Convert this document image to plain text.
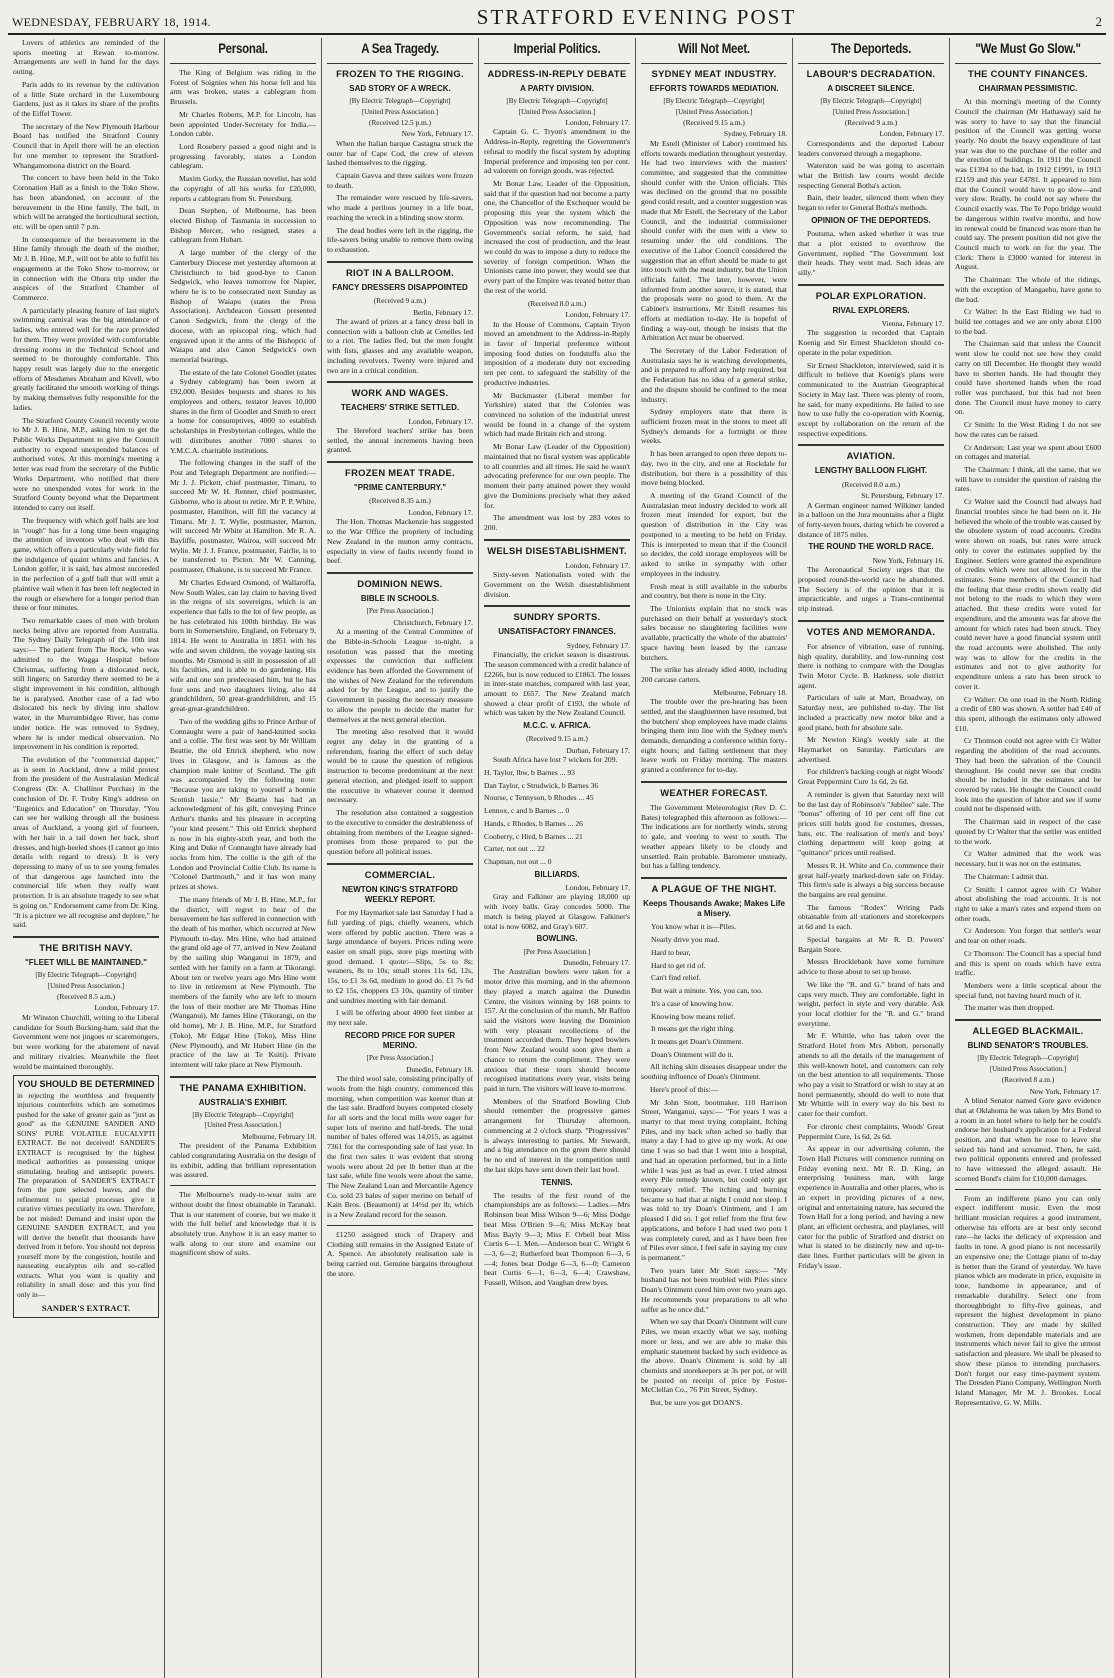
WEDNESDAY, FEBRUARY 18, 1914.	STRATFORD EVENING POST	2

Lovers of athletics are reminded of the sports meeting at Rewan to-morrow. Arrangements are well in hand for the days outing.

Paris adds to its revenue by the cultivation of a little State orchard in the Luxembourg Gardens, just as it takes its share of the profits of the Eiffel Tower.

The secretary of the New Plymouth Harbour Board has notified the Stratford County Council that in April there will be an election for one member to represent the Stratford-Whangamomona district on the Board.

The concert to have been held in the Toko Coronation Hall as a finish to the Toko Show, has been abandoned, on account of the bereavement in the Hine family. The ball, in which will be arranged the horticultural section, etc. will be open until 7 p.m.

In consequence of the bereavement in the Hine family through the death of the mother, Mr J. B. Hine, M.P., will not be able to fulfil his engagements at the Toko Show to-morrow, or in connection with the Ohura trip under the auspices of the Stratford Chamber of Commerce.

A particularly pleasing feature of last night's swimming carnival was the big attendance of ladies, who entered well for the race provided for them. They were provided with comfortable dressing rooms in the Technical School and seemed to be thoroughly comfortable. This happy result was largely due to the energetic efforts of Mesdames Abraham and Kivell, who greatly facilitated the smooth working of things by making themselves fully responsible for the ladies.

The Stratford County Council recently wrote to Mr J. B. Hine, M.P., asking him to get the Public Works Department to give the Council authority to expend unexpended balances of authorised votes. At this morning's meeting a letter was read from the secretary of the Public Works Department, who notified that there were no unexpended votes for work in the Stratford County beyond what the Department intended to carry out itself.

The frequency with which golf balls are lost in "rough" has for a long time been engaging the attention of inventors who deal with this game, which offers a particularly wide field for the indulgence of quaint whims and fancies. A London golfer, it is said, has almost succeeded in the perfection of a golf ball that will emit a plaintive wail when it has been left neglected in the rough or elsewhere for a longer period than three or four minutes.

Two remarkable cases of men with broken necks being alive are reported from Australia. The Sydney Daily Telegraph of the 10th inst says:— The patient from The Rock, who was admitted to the Wagga Hospital before Christmas, suffering from a dislocated neck, still lingers; on Saturday there seemed to be a slight improvement in his condition, although he is paralysed. Another case of a lad who dislocated his neck by diving into shallow water, in the Murrumbidgee River, has come under notice. He was removed to Sydney, where he is under medical observation. No improvement in his condition is reported.

The evolution of the "commercial dapper," as is seen in Auckland, drew a mild protest from the president of the Australasian Medical Congress (Dr. A. Challinor Purchas) in the conclusion of Dr. F. Truby King's address on "Eugenics and Education" on Thursday. "You can see her walking through all the business areas of Auckland, a young girl of fourteen, with her hair in a tail down her back, short dresses, and high-heeled shoes (I cannot go into details with regard to dress). It is very depressing to many of us to see young females of that dangerous age launched into the commercial life when they really want protection. It is an absolute tragedy to see what is going on." Endorsement came from Dr. King. "It is a picture we all recognise and deplore," he said.

THE BRITISH NAVY.
"FLEET WILL BE MAINTAINED."
[By Electric Telegraph—Copyright]
[United Press Association.]
(Received 8.5 a.m.)
London, February 17.

Mr Winston Churchill, writing to the Liberal candidate for South Bucking-ham, said that the Government were not jingoes or scaremongers, but were working for the abatement of naval and military rivalries. Meanwhile the fleet would be maintained thoroughly.

YOU SHOULD BE DETERMINED
in rejecting the worthless and frequently injurious counterfeits which are sometimes pushed for the sake of greater gain as "just as good" as the GENUINE SANDER AND SONS' PURE VOLATILE EUCALYPTI EXTRACT. Be not deceived! SANDER'S EXTRACT is recognised by the highest medical authorities as possessing unique stimulating, healing and antiseptic powers. The preparation of SANDER'S EXTRACT from the pure selected leaves, and the refinement to special processes give it curative virtues peculiarly its own. Therefore, be not misled! Demand and insist upon the GENUINE SANDER EXTRACT, and you will derive the benefit that thousands have derived from it before. You should not depress yourself more by the congestion, hostile and nauseating eucalyptus oils and so-called extracts. What you want is quality and reliability in small dose: and this you find only in—
SANDER'S EXTRACT.
Personal.

The King of Belgium was riding in the Forest of Soignies when his horse fell and his arm was broken, states a cablegram from Brussels.

Mr Charles Roberts, M.P. for Lincoln, has been appointed Under-Secretary for India.—London cable.

Lord Rosebery passed a good night and is progressing favorably, states a London cablegram.

Maxim Gorky, the Russian novelist, has sold the copyright of all his works for £20,000, reports a cablegram from St. Petersburg.

Dean Stephen, of Melbourne, has been elected Bishop of Tasmania in succession to Bishop Mercer, who resigned, states a cablegram from Hobart.

A large number of the clergy of the Canterbury Diocese met yesterday afternoon at Christchurch to bid good-bye to Canon Sedgwick, who leaves tomorrow for Napier, where he is to be consecrated next Sunday as Bishop of Waiapu (states the Press Association). Archdeacon Gossett presented Canon Sedgwick, from the clergy of the diocese, with an episcopal ring, which had engraved upon it the arms of the Bishopric of Waiapu and also Canon Sedgwick's own memorial bearings.

The estate of the late Colonel Goodlet (states a Sydney cablegram) has been sworn at £92,000. Besides bequests and shares to his employees and others, testator leaves 10,000 shares in the firm of Goodlet and Smith to erect a home for consumptives, 4000 to establish scholarships in Presbyterian colleges, while the will distributes another 7000 shares to Y.M.C.A. charitable institutions.

The following changes in the staff of the Post and Telegraph Department are notified:—Mr J. J. Pickett, chief postmaster, Timaru, to succeed Mr W. H. Renner, chief postmaster, Gisborne, who is about to retire. Mr P. P. White, postmaster, Hamilton, will fill the vacancy at Timaru. Mr J. T. Wylie, postmaster, Marton, will succeed Mr White at Hamilton. Mr R. A. Bayliffe, postmaster, Wairoa, will succeed Mr Wylie. Mr J. J. France, postmaster, Fairlie, is to be transferred to Picton. Mr W. Canning, postmaster, Ohakune, is to succeed Mr France.

Mr Charles Edward Osmond, of Wallaroffa, New South Wales, can lay claim to having lived in the reigns of six sovereigns, which is an experience that falls to the lot of few people, as he has celebrated his 100th birthday. He was born in Somersetshire, England, on February 9, 1814. He went to Australia in 1851 with his wife and seven children, the voyage lasting six months. Mr Osmond is still in possession of all his faculties, and is able to do gardening. His wife and one son predeceased him, but he has four sons and two daughters living, also 44 grandchildren, 50 great-grandchildren, and 15 great-great-grandchildren.

Two of the wedding gifts to Prince Arthur of Connaught were a pair of hand-knitted socks and a collie. The first was sent by Mr William Beattie, the old Ettrick shepherd, who now lives in Glasgow, and is famous as the champion male knitter of Scotland. The gift was accompanied by the following note: "Because you are taking to yourself a bonnie Scottish lassie." Mr Beattie has had an acknowledgment of his gift, conveying Prince Arthur's thanks and his pleasure in accepting "your kind present." This old Ettrick shepherd is now in his eighty-sixth year, and both the King and Duke of Connaught have already had socks from him. The collie is the gift of the London and Provincial Collie Club. Its name is "Colonel Dartmouth," and it has won many prizes at shows.

The many friends of Mr J. B. Hine, M.P., for the district, will regret to hear of the bereavement he has suffered in connection with the death of his mother, which occurred at New Plymouth to-day. Mrs Hine, who had attained the grand old age of 77, arrived in New Zealand by the sailing ship Wanganui in 1879, and settled with her family on a farm at Tikorangi. About ten or twelve years ago Mrs Hine went to live in retirement at New Plymouth. The members of the family who are left to mourn the loss of their mother are Mr Thomas Hine (Wanganui), Mr James Hine (Tikorangi, on the old home), Mr J. B. Hine, M.P., for Stratford (Toko), Mr Edgar Hine (Toko), Miss Hine (New Plymouth), and Mr Hubert Hine (in the practice of the law at Te Kuiti). Private interment will take place at New Plymouth.

THE PANAMA EXHIBITION.
AUSTRALIA'S EXHIBIT.
[By Electric Telegraph—Copyright]
[United Press Association.]
Melbourne, February 18.

The president of the Panama Exhibition cabled congratulating Australia on the design of its exhibit, adding that brilliant representation was assured.

The Melbourne's ready-to-wear suits are without doubt the finest obtainable in Taranaki. That is our statement of course, but we make it with the full belief and knowledge that it is absolutely true. Anyhow it is an easy matter to walk along to our store and examine our magnificent show of suits.

A Sea Tragedy.
FROZEN TO THE RIGGING.
SAD STORY OF A WRECK.
[By Electric Telegraph—Copyright]
[United Press Association.]
(Received 12.5 p.m.)
New York, February 17.

When the Italian barque Castagna struck the outer bar of Cape Cod, the crew of eleven lashed themselves to the rigging.

Captain Gavva and three sailors were frozen to death.

The remainder were rescued by life-savers, who made a perilous journey in a life boat, reaching the wreck in a blinding snow storm.

The dead bodies were left in the rigging, the life-savers being unable to remove them owing to exhaustion.

RIOT IN A BALLROOM.
FANCY DRESSERS DISAPPOINTED
(Received 9 a.m.)
Berlin, February 17.

The award of prizes at a fancy dress ball in connection with a balloon club at Cenelles led to a riot. The ladies fled, but the men fought with fists, glasses and any available weapon, including revolvers. Twenty were injured and two are in a critical condition.

WORK AND WAGES.
TEACHERS' STRIKE SETTLED.
London, February 17.

The Hereford teachers' strike has been settled, the annual increments having been granted.

FROZEN MEAT TRADE.
"PRIME CANTERBURY."
(Received 8.35 a.m.)
London, February 17.

The Hon. Thomas Mackenzie has suggested to the War Office the propriety of including New Zealand in the mutton army contracts, especially in view of faults recently found in beef.

DOMINION NEWS.
BIBLE IN SCHOOLS.
[Per Press Association.]
Christchurch, February 17.

At a meeting of the Central Committee of the Bible-in-Schools League to-night, a resolution was passed that the meeting expresses the conviction that sufficient evidence has been afforded the Government of the wishes of New Zealand for the referendum asked for by the League, and to justify the Government in passing the necessary measure to allow the people to decide the matter for themselves at the next general election.

The meeting also resolved that it would regret any delay in the granting of a referendum, fearing the effect of such delay would be to cause the question of religious instruction to become predominant at the next general election, and pledged itself to support the executive in whatever course it deemed necessary.

The resolution also contained a suggestion to the executive to consider the desirableness of obtaining from members of the League signed-promises from those prepared to put the question before all political issues.

COMMERCIAL.
NEWTON KING'S STRATFORD WEEKLY REPORT.

For my Haymarket sale last Saturday I had a full yarding of pigs, chiefly weaners, which were offered by public auction. There was a large attendance of buyers. Prices ruling were easier on small pigs, store pigs meeting with good demand. I quote:—Slips, 5s to 8s; weaners, 8s to 10s; small stores 11s 6d, 12s, 15s, to £1 3s 6d, medium to good do. £1 7s 6d to £2 15s, choppers £3 10s, quantity of timber and sundries meeting with fair demand.

I will be offering about 4000 feet timber at my next sale.

RECORD PRICE FOR SUPER MERINO.
[Per Press Association.]
Dunedin, February 18.

The third wool sale, consisting principally of wools from the high country, commenced this morning, when competition was keener than at the last sale. Bradford buyers competed closely for all sorts and the local mills were eager for super lots of merino and half-breds. The total number of bales offered was 14,015, as against 7361 for the corresponding sale of last year. In the first two sales it was evident that strong wools were about 2d per lb better than at the last sale, while fine wools were about the same. The New Zealand Loan and Mercantile Agency Co. sold 23 bales of super merino on behalf of Kain Bros. (Beaumont) at 14½d per lb, which is a New Zealand record for the season.

£1250 assigned stock of Drapery and Clothing still remains in the Assigned Estate of A. Spence. An absolutely realisation sale is being carried out. Genuine bargains throughout the store.

Imperial Politics.
ADDRESS-IN-REPLY DEBATE
A PARTY DIVISION.
[By Electric Telegraph—Copyright]
[United Press Association.]
London, February 17.

Captain G. C. Tryon's amendment to the Address-in-Reply, regretting the Government's refusal to modify the fiscal system by adopting Imperial preference and imposing ten per cent. ad valorem on foreign goods, was rejected.

Mr Bonar Law, Leader of the Opposition, said that if the question had not become a party one, the Chancellor of the Exchequer would be proposing this year the system which the Opposition was now recommending. The Government's social reform, he said, had increased the cost of production, and the least we could do was to impose a duty to reduce the severity of foreign competition. When the Unionists came into power, they would see that every part of the Empire was treated better than the rest of the world.

(Received 8.0 a.m.)
London, February 17.

In the House of Commons, Captain Tryon moved an amendment to the Address-in-Reply in favor of Imperial preference without imposing food duties on foodstuffs also the imposition of a moderate duty not exceeding ten per cent. to safeguard the stability of the productive industries.

Mr Buckmaster (Liberal member for Yorkshire) stated that the Colonies was convinced no solution of the industrial unrest would be found in a change of the system which had made Britain rich and strong.

Mr Bonar Law (Leader of the Opposition) maintained that no fiscal system was applicable to all countries and all times. He said he wasn't advocating preference for our own people. The moment their party attained power they would give the Dominions precisely what they asked for.

The amendment was lost by 283 votes to 200.

WELSH DISESTABLISHMENT.
London, February 17.

Sixty-seven Nationalists voted with the Government on the Welsh disestablishment division.

SUNDRY SPORTS.
UNSATISFACTORY FINANCES.
Sydney, February 17.

Financially, the cricket season is disastrous. The season commenced with a credit balance of £2266, but is now reduced to £1863. The losses in inter-state matches, compared with last year, amount to £657. The New Zealand match showed a clear profit of £193, the whole of which was taken by the New Zealand Council.

M.C.C. v. AFRICA.
(Received 9.15 a.m.)
Durban, February 17.

South Africa have lost 7 wickets for 209.

H. Taylor, lbw, b Barnes ... 93

Dan Taylor, c Strudwick, b Barnes 36

Nourse, c Tennyson, b Rhodes ... 45

Lennox, c and b Barnes ... 0

Hands, c Rhodes, b Barnes ... 26

Cooberry, c Hird, b Barnes ... 21

Carter, not out ... 22

Chapman, not out ... 0

BILLIARDS.
London, February 17.

Gray and Falkiner are playing 18,000 up with ivory balls. Gray concedes 5000. The match is being played at Glasgow. Falkiner's total is now 6082, and Gray's 607.

BOWLING.
[Per Press Association.]
Dunedin, February 17.

The Australian bowlers were taken for a motor drive this morning, and in the afternoon they played a match against the Dunedin Centre, the visitors winning by 168 points to 157. At the conclusion of the match, Mr Raffon said the visitors were leaving the Dominion with very pleasant recollections of the treatment accorded them. They hoped bowlers from New Zealand would soon give them a chance to return the compliment. They were anxious that these tours should become recognised institutions every year, visits being paid in turn. The visitors will leave to-morrow.

Members of the Stratford Bowling Club should remember the progressive games arrangement for Thursday afternoon, commencing at 2 o'clock sharp. "Progressives" is always interesting to parties. Mr Stewardt, and a big attendance on the green there should be no end of interest in the competition until the last skips have sent down their last bowl.

TENNIS.

The results of the first round of the championships are as follows:— Ladies.—Mrs Robinson beat Miss Wilson 9—6; Miss Dodge beat Miss O'Brien 9—6; Miss McKay beat Miss Bayly 9—3; Miss F. Orbell beat Miss Curtis 6—1. Men.—Anderson beat C. Wright 6—3, 6—2; Rutherford beat Thompson 6—3, 6—4; Jones beat Dodge 6—3, 6—0; Cameron beat Curtis 6—1, 6—3, 6—4; Crawshaw, Fussell, Wilson, and Vaughan drew byes.

Will Not Meet.
SYDNEY MEAT INDUSTRY.
EFFORTS TOWARDS MEDIATION.
[By Electric Telegraph—Copyright]
[United Press Association.]
(Received 9.15 a.m.)
Sydney, February 18.

Mr Estell (Minister of Labor) continued his efforts towards mediation throughout yesterday. He had two interviews with the masters' committee, and suggested that the committee should confer with the Union officials. This was declined on the ground that no possible good could result, and a counter suggestion was made that Mr Estell, the Secretary of the Labor Council, and the industrial commissioner should confer with the men with a view to resuming under the old conditions. The executive of the Labor Council considered the suggestion that an effort should be made to get into touch with the meat industry, but the Union officials failed. The later, however, were informed from another source, it is stated, that the proposals were no good to them. At the Cabinet's instructions, Mr Estell resumes his efforts at mediation to-day. He is hopeful of finding a way-out, though he insists that the Arbitration Act must be observed.

The Secretary of the Labor Federation of Australasia says he is watching developments, and is prepared to afford any help required, but the Federation has no idea of a general strike, and the dispute should be confined to the meat industry.

Sydney employers state that there is sufficient frozen meat in the stores to meet all Sydney's demands for a fortnight or three weeks.

It has been arranged to open three depots to-day, two in the city, and one at Rockdale for distribution, but there is a possibility of this move being blocked.

A meeting of the Grand Council of the Australasian meat industry decided to work all frozen meat intended for export, but the question of distribution in the City was postponed to a meeting to be held on Friday. This is interpreted to mean that if the Council so decides, the cold storage employees will be asked to strike in sympathy with other employees in the industry.

Fresh meat is still available in the suburbs and country, but there is none in the City.

The Unionists explain that no stock was purchased on their behalf at yesterday's stock sales because no slaughtering facilities were available, practically the whole of the abattoirs' space having been leased by the carcase butchers.

The strike has already idled 4000, including 200 carcase carters.

Melbourne, February 18.

The trouble over the pre-hearing has been settled, and the slaughtermen have resumed, but the butchers' shop employees have made claims bringing them into line with the Sydney men's demands, demanding a conference within forty-eight hours; and failing settlement that they leave work on Friday morning. The masters granted a conference for to-day.

WEATHER FORECAST.

The Government Meteorologist (Rev D. C. Bates) telegraphed this afternoon as follows:— The indications are for northerly winds, strong to gale, and veering to west to south. The weather appears likely to be cloudy and unsettled. Rain probable. Barometer unsteady, but has a falling tendency.

A PLAGUE OF THE NIGHT.
Keeps Thousands Awake; Makes Life a Misery.

You know what it is—Piles.

Nearly drive you mad.

Hard to bear,

Hard to get rid of.

Can't find relief.

But wait a minute. Yes, you can, too.

It's a case of knowing how.

Knowing how means relief.

It means get the right thing.

It means get Doan's Ointment.

Doan's Ointment will do it.

All itching skin diseases disappear under the soothing influence of Doan's Ointment.

Here's proof of this:—

Mr John Stott, bootmaker, 110 Harrison Street, Wanganui, says:— "For years I was a martyr to that most trying complaint, Itching Piles, and my back often ached so badly that many a day I had to give up my work. At one time I was so bad that I went into a hospital, and had an operation performed, but in a little while I was just as bad as ever. I tried almost every Pile remedy known, but could only get temporary relief. The itching and burning became so bad that at night I could not sleep. I was told to try Doan's Ointment, and I am pleased I did so. I got relief from the first few applications, and before I had used two pots I was completely cured, and as I have been free of Piles ever since, I feel safe in saying my cure is permanent."

Two years later Mr Stott says:— "My husband has not been troubled with Piles since Doan's Ointment cured him over two years ago. He recommends your preparations to all who suffer as he once did."

When we say that Doan's Ointment will cure Piles, we mean exactly what we say, nothing more or less, and we are able to make this emphatic statement backed by such evidence as the above. Doan's Ointment is sold by all chemists and storekeepers at 3s per pot, or will be posted on receipt of price by Foster-McClellan Co., 76 Pitt Street, Sydney.

But, be sure you get DOAN'S.

The Deporteds.
LABOUR'S DECRADATION.
A DISCREET SILENCE.
[By Electric Telegraph—Copyright]
[United Press Association.]
(Received 9 a.m.)
London, February 17.

Correspondents and the deported Labour leaders conversed through a megaphone.

Waterston said he was going to ascertain what the British law courts would decide respecting General Botha's action.

Bain, their leader, silenced them when they began to refer to General Botha's methods.

OPINION OF THE DEPORTEDS.

Poutsma, when asked whether it was true that a plot existed to overthrow the Government, replied "The Government lost their heads. They went mad. Such ideas are silly."

POLAR EXPLORATION.
RIVAL EXPLORERS.
Vienna, February 17.

The suggestion is recorded that Captain Koenig and Sir Ernest Shackleton should co-operate in the polar expedition.

Sir Ernest Shackleton, interviewed, said it is difficult to believe that Koenig's plans were communicated to the Austrian Geographical Society in May last. There was plenty of room, he said, for many expeditions. He failed to see how to use fully the co-operation with Koenig, except by collaboration on the return of the respective expeditions.

AVIATION.
LENGTHY BALLOON FLIGHT.
(Received 8.0 a.m.)
St. Petersburg, February 17.

A German engineer named Wilkiner landed in a balloon on the Jura mountains after a flight of forty-seven hours, during which he covered a distance of 1875 miles.

THE ROUND THE WORLD RACE.
New York, February 16.

The Aeronautical Society urges that the proposed round-the-world race be abandoned. The Society is of the opinion that it is impracticable, and urges a Trans-continental trip instead.

VOTES AND MEMORANDA.

For absence of vibration, ease of running, high quality, durability, and low-running cost there is nothing to compare with the Douglas Twin Motor Cycle. B. Harkness, sole district agent.

Particulars of sale at Mart, Broadway, on Saturday next, are published to-day. The list included a practically new motor bike and a good piano, both for absolute sale.

Mr Newton King's weekly sale at the Haymarket on Saturday. Particulars are advertised.

For children's hacking cough at night Woods' Great Peppermint Cure 1s 6d, 2s 6d.

A reminder is given that Saturday next will be the last day of Robinson's "Jubilee" sale. The "bonus" offering of 10 per cent off fine cut prices still holds good for costumes, dresses, hats, etc. The realisation of men's and boys' clothing department will keep going at "quittance" prices until realised.

Messrs R. H. White and Co. commence their great half-yearly marked-down sale on Friday. This firm's sale is always a big success because the bargains are real genuine.

The famous "Rodex" Writing Pads obtainable from all stationers and storekeepers at 6d and 1s each.

Special bargains at Mr R. D. Powers' Bargain Store.

Messrs Brocklebank have some furniture advice to those about to set up house.

We like the "R. and G." brand of hats and caps very much. They are comfortable, light in weight, perfect in style and very durable. Ask your local clothier for the "R. and G." brand everytime.

Mr F. Whittle, who has taken over the Stratford Hotel from Mrs Abbott, personally attends to all the details of the management of this well-known hotel, and customers can rely on the best attention to all requirements. Those who pay a visit to Stratford or wish to stay at an hotel permanently, should do well to note that Mr Whittle will in every way do his best to cater for their comfort.

For chronic chest complaints, Woods' Great Peppermint Cure, 1s 6d, 2s 6d.

As appear in our advertising column, the Town Hall Pictures will commence running on Friday evening next. Mr R. D. King, an enterprising business man, with large experience in Australia and other places, who is an expert in providing pictures of a new, original and entertaining nature, has secured the Town Hall for a long period, and having a new plant, an efficient orchestra, and playlanes, will cater for the public of Stratford and district on what is stated to be distinctly new and up-to-date lines. Further particulars will be given in Friday's issue.

"We Must Go Slow."
THE COUNTY FINANCES.
CHAIRMAN PESSIMISTIC.

At this morning's meeting of the County Council the chairman (Mr Hathaway) said he was sorry to have to say that the financial position of the Council was getting worse yearly. No doubt the heavy expenditure of last year was due to the purchase of the roller and the erection of buildings. In 1911 the Council was £1394 to the bad, in 1912 £1991, in 1913 £2159 and this year £4781. It appeared to him that the Council would have to go slow—and very slow. Really, he could not say where the Council exactly was. The Te Popo bridge would be dangerous within twelve months, and how its renewal could be financed was more than he could say. The present position did not give the Council much to work on for the year. The Clerk: There is £3000 wanted for interest in August.

The Chairman: The whole of the ridings, with the exception of Mangaehu, have gone to the bad.

Cr Walter: In the East Riding we had to build tee cottages and we are only about £100 to the bad.

The Chairman said that unless the Council went slow he could not see how they could carry on till December. He thought they would have to shorten hands. He had thought they could have shortened hands when the road roller was purchased, but this had not been done. The Council must have money to carry on.

Cr Smith: In the West Riding I do not see how the rates can be raised.

Cr Anderson: Last year we spent about £600 on cottages and material.

The Chairman: I think, all the same, that we will have to consider the question of raising the rates.

Cr Walter said the Council had always had financial troubles since he had been on it. He believed the whole of the trouble was caused by the obsolete system of road accounts. Credits were shown on roads, but rates were struck only to cover the estimates supplied by the Engineer. Settlers were granted the expenditure of credits which were not allowed for in the estimates. Some members of the Council had the feeling that these credits shown really did not belong to the roads to which they were attached. But these credits were voted for expenditure, and the amounts was far above the amount for which rates had been struck. They could never have a good financial system until the road accounts were abolished. The only way was to allow for the credits in the estimates and not to give authority for expenditure unless a rate has been struck to cover it.

Cr Walter: On one road in the North Riding a credit of £80 was shown. A settler had £40 of this spent, although the estimates only allowed £10.

Cr Thomson could not agree with Cr Walter regarding the abolition of the road accounts. They had been the salvation of the Council throughout. He could never see that credits should be included in the estimates and be covered by rates. He thought the Council could look into the question of labor and see if some could not be dispensed with.

The Chairman said in respect of the case quoted by Cr Walter that the settler was entitled to the work.

Cr Walter admitted that the work was necessary, but it was not on the estimates.

The Chairman: I admit that.

Cr Smith: I cannot agree with Cr Walter about abolishing the road accounts. It is not right to take a man's rates and expend them on other roads.

Cr Anderson: You forget that settler's wear and tear on other roads.

Cr Thomson: The Council has a special fund and this is spent on roads which have extra traffic.

Members were a little sceptical about the special fund, not having heard much of it.

The matter was then dropped.

ALLEGED BLACKMAIL.
BLIND SENATOR'S TROUBLES.
[By Electric Telegraph—Copyright]
[United Press Association.]
(Received 8 a.m.)
New York, February 17.

A blind Senator named Gore gave evidence that at Oklahoma he was taken by Mrs Bond to a room in an hotel where to help her he could's endorse her husband's application for a Federal position, and that when he rose to leave she seized his hand and screamed. Then, he said, two political opponents entered and professed to have witnessed the alleged assault. He scorned Bond's claim for £10,000 damages.

From an indifferent piano you can only expect indifferent music. Even the most brilliant musician requires a good instrument, otherwise his efforts are at best only second rate—he lacks the delicacy of expression and faults in tone. A good piano is not necessarily an expensive one; the Cottage piano of to-day is better than the Grand of yesterday. We have pianos which are moderate in price, exquisite in tone, handsome in appearance, and of remarkable durability. Select one from thoroughbright to fifty-five guineas, and represent the highest development in piano construction. They are made by skilled workmen, from dependable materials and are instruments which never fail to give the utmost satisfaction and pleasure. We shall be pleased to show these pianos to intending purchasers. Don't forget our easy time-payment system. The Dresden Piano Company, Wellington North Island Manager, Mr M. J. Brookes. Local Representative, G. W. Mills.
